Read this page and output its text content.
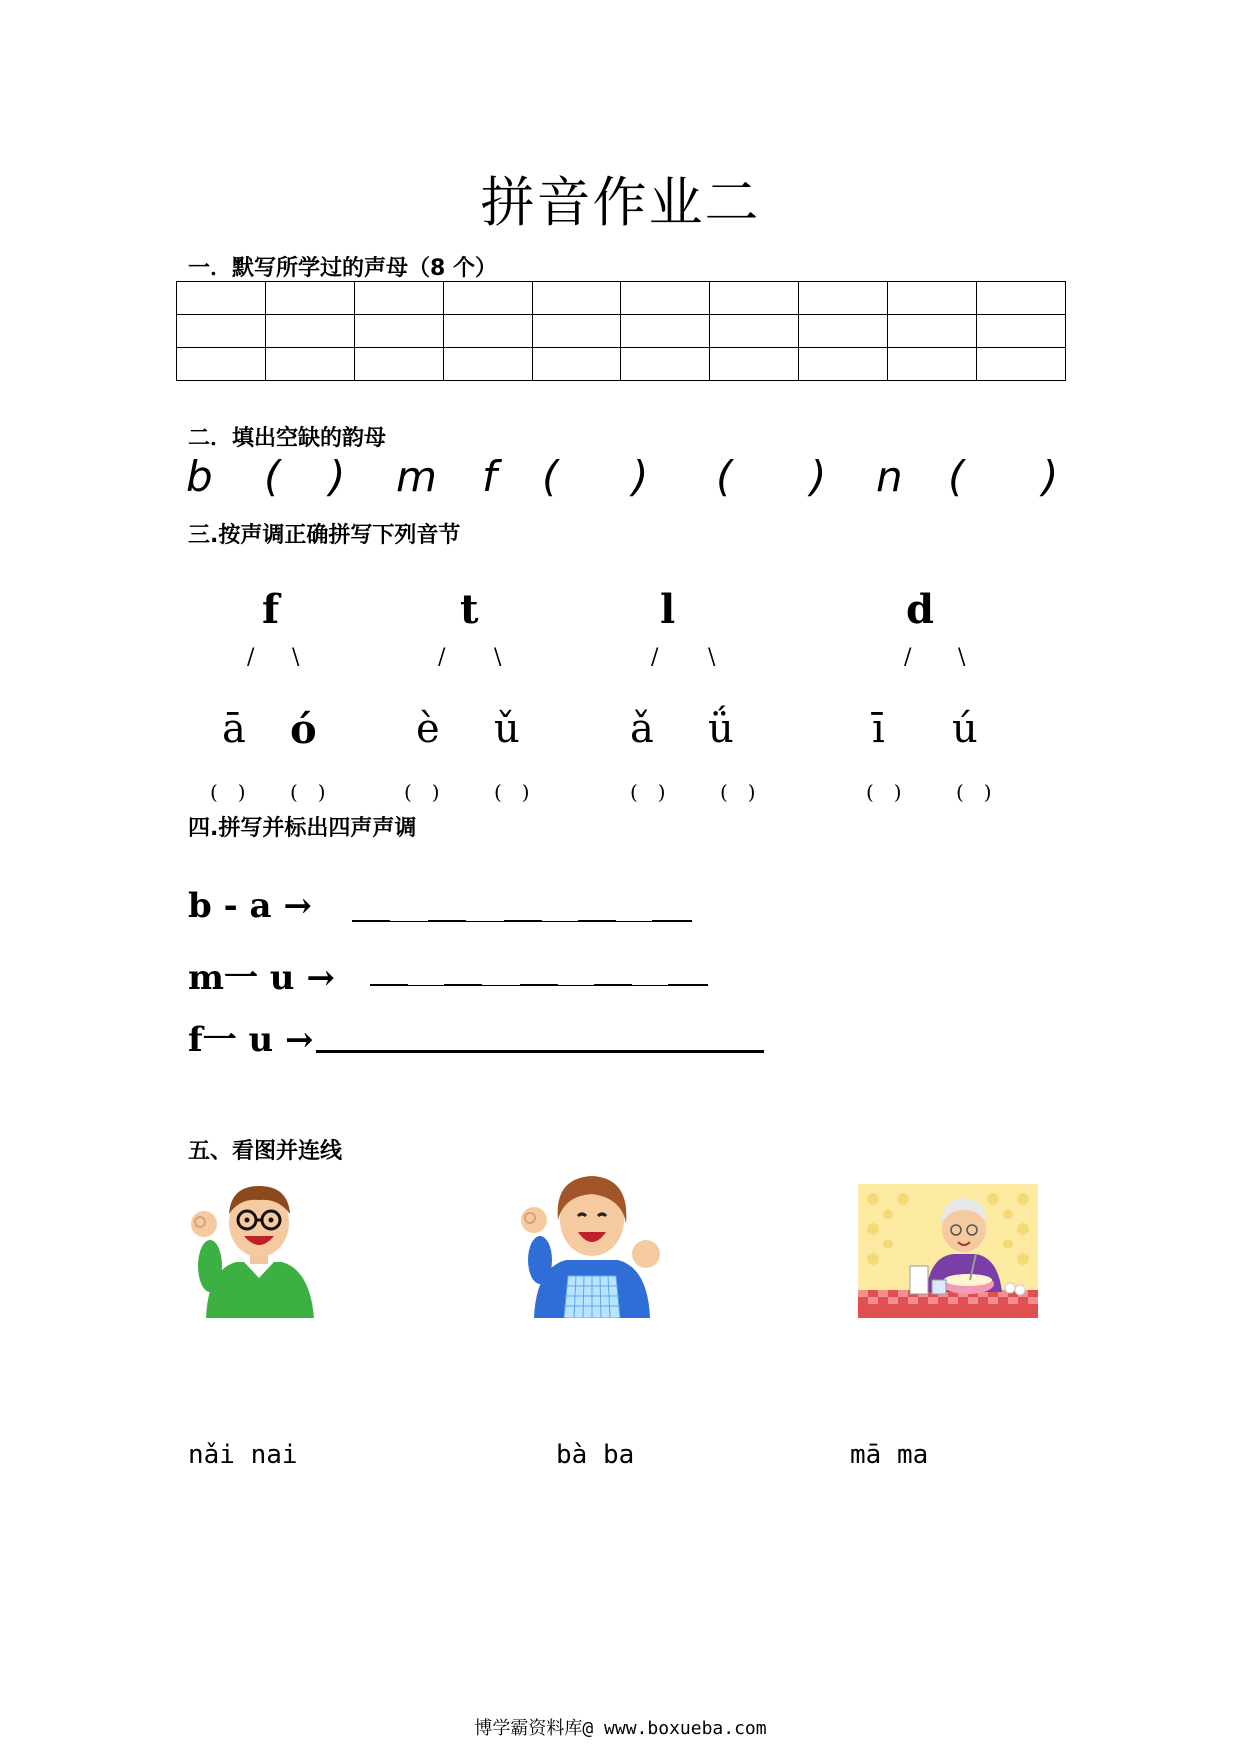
拼音作业二
一．默写所学过的声母（8 个）

二．填出空缺的韵母
b ( ) m f ( ) ( ) n ( )
三.按声调正确拼写下列音节
f	t	l	d
/ \	/ \	/ \	/ \
ā ó è ǔ	ǎ ǘ	ī ú
(　) (　)	(　)	(　)	(　)	(　)	(　)	(　)
四.拼写并标出四声声调
b - a →
m一 u →
f一 u →
五、看图并连线
nǎi nai	bà ba	mā ma
博学霸资料库@ www.boxueba.com
